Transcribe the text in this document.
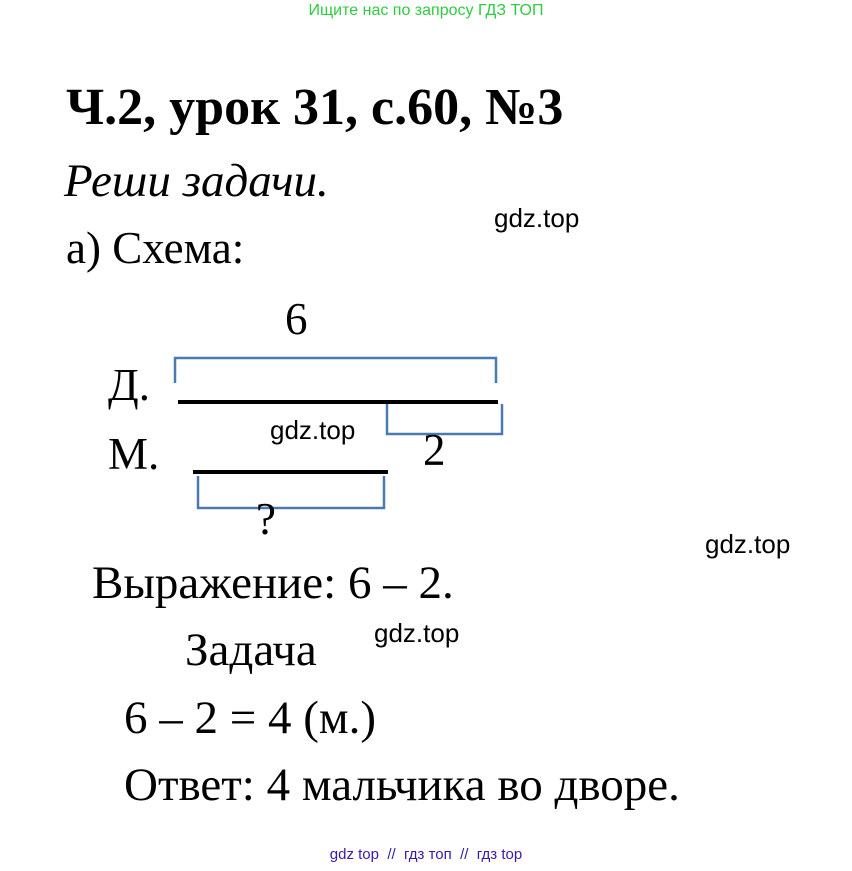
Ищите нас по запросу ГДЗ ТОП
Ч.2, урок 31, с.60, №3
Реши задачи.
а) Схема:
gdz.top
6
Д.
gdz.top
М.	2
?	gdz.top
Выражение: 6 – 2.
Задача gdz.top
6 – 2 = 4 (м.)
Ответ: 4 мальчика во дворе.
gdz top  //  гдз топ  //  гдз top
